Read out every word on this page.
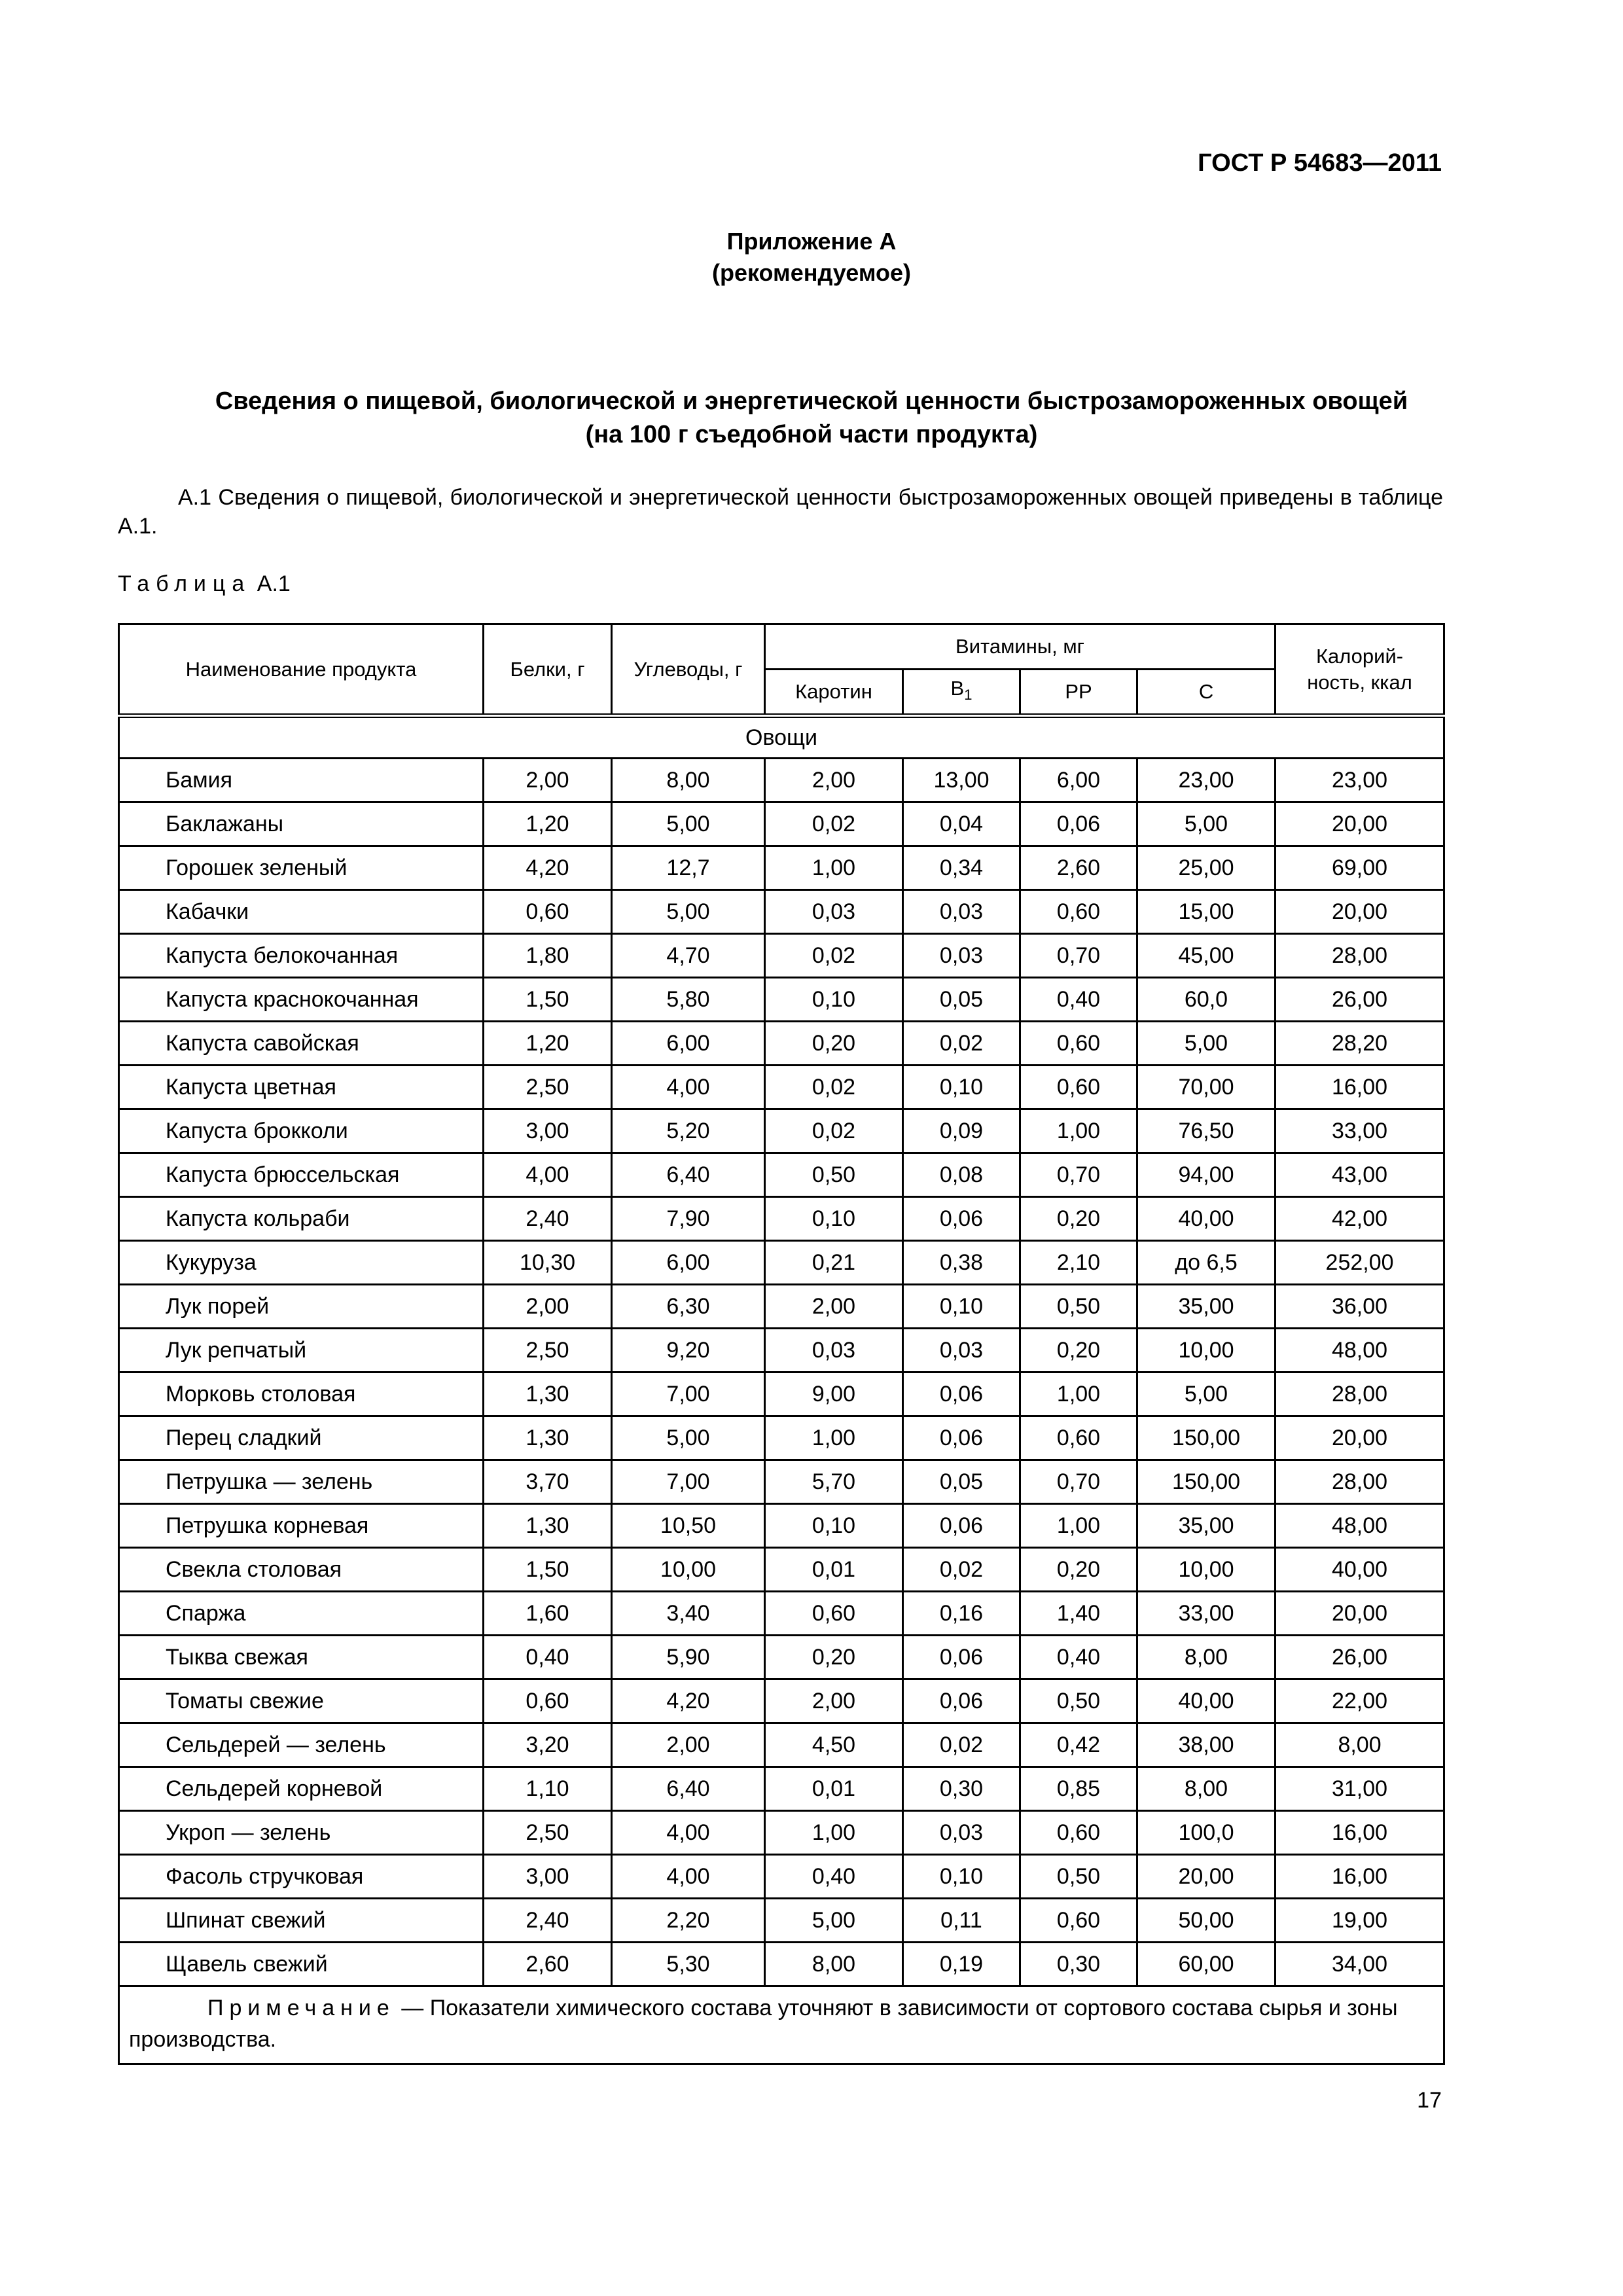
ГОСТ Р 54683—2011
Приложение А
(рекомендуемое)
Сведения о пищевой, биологической и энергетической ценности быстрозамороженных овощей
(на 100 г съедобной части продукта)
А.1 Сведения о пищевой, биологической и энергетической ценности быстрозамороженных овощей приведены в таблице А.1.
Таблица А.1
Наименование продукта	Белки, г	Углеводы, г	Витамины, мг				Калорий-ность, ккал
			Каротин	$B_1$	PP	C	
Овощи							
Бамия	2,00	8,00	2,00	13,00	6,00	23,00	23,00
Баклажаны	1,20	5,00	0,02	0,04	0,06	5,00	20,00
Горошек зеленый	4,20	12,7	1,00	0,34	2,60	25,00	69,00
Кабачки	0,60	5,00	0,03	0,03	0,60	15,00	20,00
Капуста белокочанная	1,80	4,70	0,02	0,03	0,70	45,00	28,00
Капуста краснокочанная	1,50	5,80	0,10	0,05	0,40	60,0	26,00
Капуста савойская	1,20	6,00	0,20	0,02	0,60	5,00	28,20
Капуста цветная	2,50	4,00	0,02	0,10	0,60	70,00	16,00
Капуста брокколи	3,00	5,20	0,02	0,09	1,00	76,50	33,00
Капуста брюссельская	4,00	6,40	0,50	0,08	0,70	94,00	43,00
Капуста кольраби	2,40	7,90	0,10	0,06	0,20	40,00	42,00
Кукуруза	10,30	6,00	0,21	0,38	2,10	до 6,5	252,00
Лук порей	2,00	6,30	2,00	0,10	0,50	35,00	36,00
Лук репчатый	2,50	9,20	0,03	0,03	0,20	10,00	48,00
Морковь столовая	1,30	7,00	9,00	0,06	1,00	5,00	28,00
Перец сладкий	1,30	5,00	1,00	0,06	0,60	150,00	20,00
Петрушка — зелень	3,70	7,00	5,70	0,05	0,70	150,00	28,00
Петрушка корневая	1,30	10,50	0,10	0,06	1,00	35,00	48,00
Свекла столовая	1,50	10,00	0,01	0,02	0,20	10,00	40,00
Спаржа	1,60	3,40	0,60	0,16	1,40	33,00	20,00
Тыква свежая	0,40	5,90	0,20	0,06	0,40	8,00	26,00
Томаты свежие	0,60	4,20	2,00	0,06	0,50	40,00	22,00
Сельдерей — зелень	3,20	2,00	4,50	0,02	0,42	38,00	8,00
Сельдерей корневой	1,10	6,40	0,01	0,30	0,85	8,00	31,00
Укроп — зелень	2,50	4,00	1,00	0,03	0,60	100,0	16,00
Фасоль стручковая	3,00	4,00	0,40	0,10	0,50	20,00	16,00
Шпинат свежий	2,40	2,20	5,00	0,11	0,60	50,00	19,00
Щавель свежий	2,60	5,30	8,00	0,19	0,30	60,00	34,00
Примечание — Показатели химического состава уточняют в зависимости от сортового состава сырья и зоны производства.							
17
